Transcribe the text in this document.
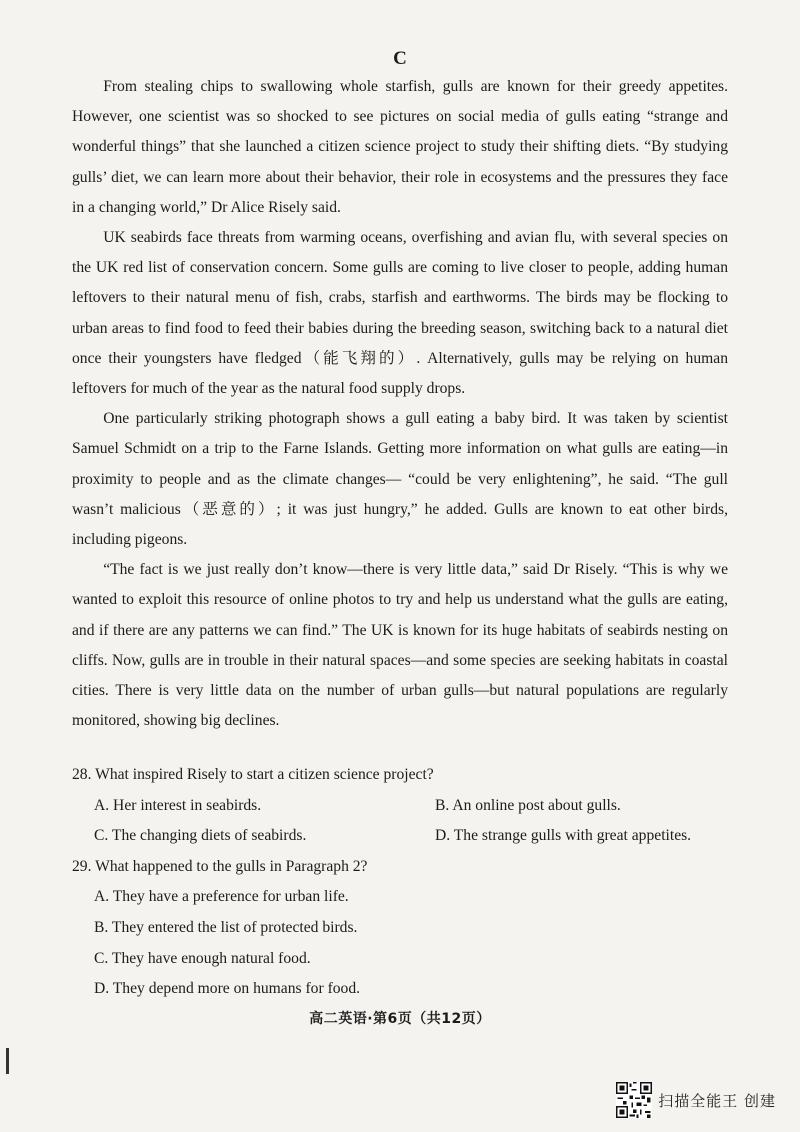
C

From stealing chips to swallowing whole starfish, gulls are known for their greedy appetites. However, one scientist was so shocked to see pictures on social media of gulls eating “strange and wonderful things” that she launched a citizen science project to study their shifting diets. “By studying gulls’ diet, we can learn more about their behavior, their role in ecosystems and the pressures they face in a changing world,” Dr Alice Risely said.

UK seabirds face threats from warming oceans, overfishing and avian flu, with several species on the UK red list of conservation concern. Some gulls are coming to live closer to people, adding human leftovers to their natural menu of fish, crabs, starfish and earthworms. The birds may be flocking to urban areas to find food to feed their babies during the breeding season, switching back to a natural diet once their youngsters have fledged（能飞翔的）. Alternatively, gulls may be relying on human leftovers for much of the year as the natural food supply drops.

One particularly striking photograph shows a gull eating a baby bird. It was taken by scientist Samuel Schmidt on a trip to the Farne Islands. Getting more information on what gulls are eating—in proximity to people and as the climate changes— “could be very enlightening”, he said. “The gull wasn’t malicious（恶意的）; it was just hungry,” he added. Gulls are known to eat other birds, including pigeons.

“The fact is we just really don’t know—there is very little data,” said Dr Risely. “This is why we wanted to exploit this resource of online photos to try and help us understand what the gulls are eating, and if there are any patterns we can find.” The UK is known for its huge habitats of seabirds nesting on cliffs. Now, gulls are in trouble in their natural spaces—and some species are seeking habitats in coastal cities. There is very little data on the number of urban gulls—but natural populations are regularly monitored, showing big declines.

28. What inspired Risely to start a citizen science project?

A. Her interest in seabirds.	B. An online post about gulls.

C. The changing diets of seabirds.	D. The strange gulls with great appetites.

29. What happened to the gulls in Paragraph 2?

A. They have a preference for urban life.

B. They entered the list of protected birds.

C. They have enough natural food.

D. They depend more on humans for food.

高二英语·第6页（共12页）
扫描全能王 创建
